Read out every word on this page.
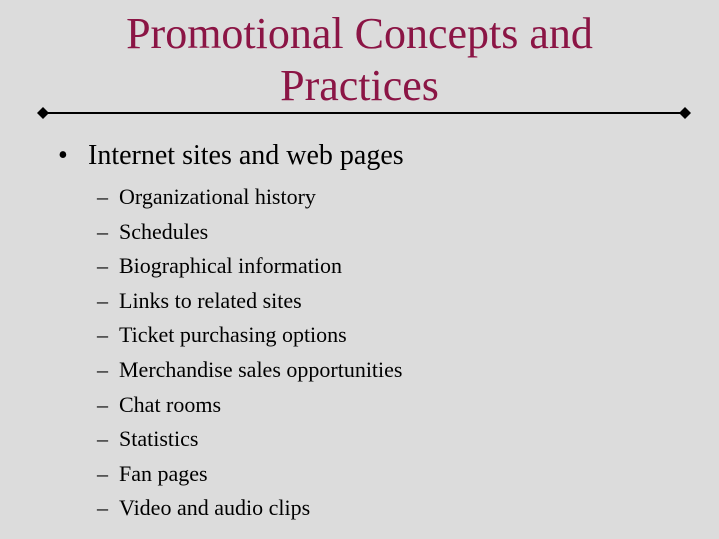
Promotional Concepts and
Practices
• Internet sites and web pages
– Organizational history
– Schedules
– Biographical information
– Links to related sites
– Ticket purchasing options
– Merchandise sales opportunities
– Chat rooms
– Statistics
– Fan pages
– Video and audio clips
